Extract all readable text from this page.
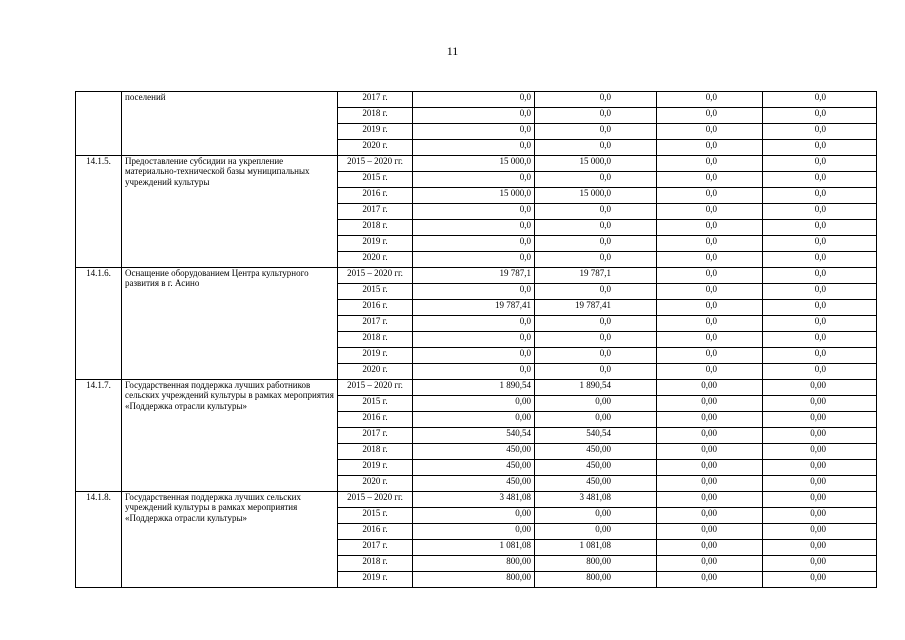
11
	поселений	2017 г.	0,0	0,0	0,0	0,0
		2018 г.	0,0	0,0	0,0	0,0
		2019 г.	0,0	0,0	0,0	0,0
		2020 г.	0,0	0,0	0,0	0,0
14.1.5.	Предоставление субсидии на укрепление материально-технической базы муниципальных учреждений культуры	2015 – 2020 гг.	15 000,0	15 000,0	0,0	0,0
		2015 г.	0,0	0,0	0,0	0,0
		2016 г.	15 000,0	15 000,0	0,0	0,0
		2017 г.	0,0	0,0	0,0	0,0
		2018 г.	0,0	0,0	0,0	0,0
		2019 г.	0,0	0,0	0,0	0,0
		2020 г.	0,0	0,0	0,0	0,0
14.1.6.	Оснащение оборудованием Центра культурного развития в г. Асино	2015 – 2020 гг.	19 787,1	19 787,1	0,0	0,0
		2015 г.	0,0	0,0	0,0	0,0
		2016 г.	19 787,41	19 787,41	0,0	0,0
		2017 г.	0,0	0,0	0,0	0,0
		2018 г.	0,0	0,0	0,0	0,0
		2019 г.	0,0	0,0	0,0	0,0
		2020 г.	0,0	0,0	0,0	0,0
14.1.7.	Государственная поддержка лучших работников сельских учреждений культуры в рамках мероприятия «Поддержка отрасли культуры»	2015 – 2020 гг.	1 890,54	1 890,54	0,00	0,00
		2015 г.	0,00	0,00	0,00	0,00
		2016 г.	0,00	0,00	0,00	0,00
		2017 г.	540,54	540,54	0,00	0,00
		2018 г.	450,00	450,00	0,00	0,00
		2019 г.	450,00	450,00	0,00	0,00
		2020 г.	450,00	450,00	0,00	0,00
14.1.8.	Государственная поддержка лучших сельских учреждений культуры в рамках мероприятия «Поддержка отрасли культуры»	2015 – 2020 гг.	3 481,08	3 481,08	0,00	0,00
		2015 г.	0,00	0,00	0,00	0,00
		2016 г.	0,00	0,00	0,00	0,00
		2017 г.	1 081,08	1 081,08	0,00	0,00
		2018 г.	800,00	800,00	0,00	0,00
		2019 г.	800,00	800,00	0,00	0,00
